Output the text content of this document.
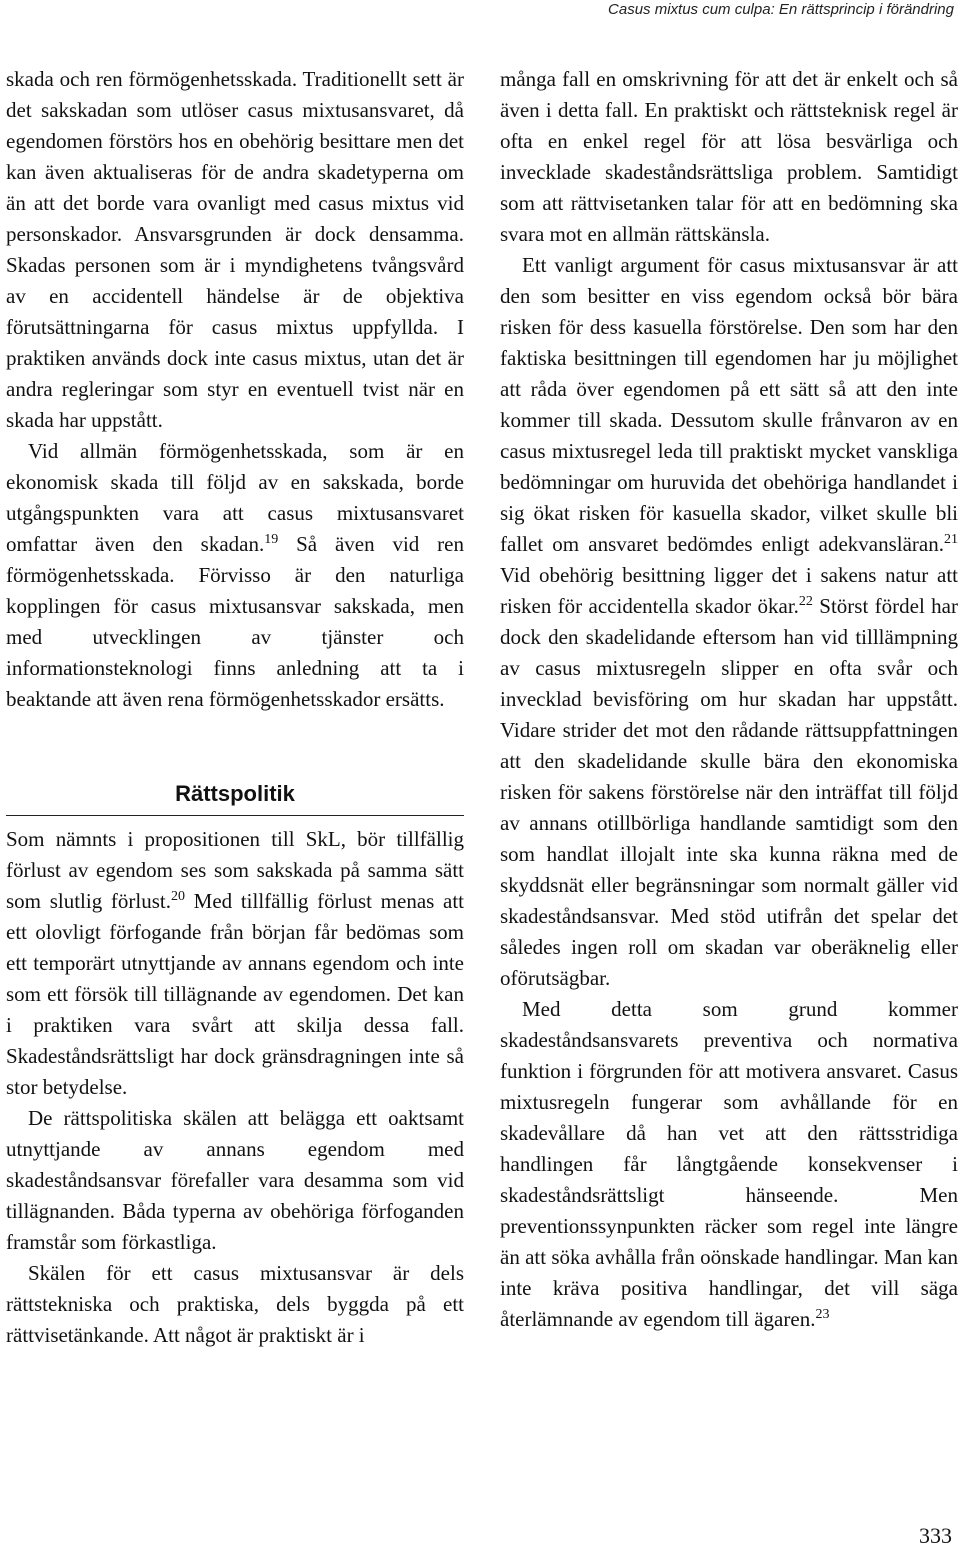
Casus mixtus cum culpa: En rättsprincip i förändring

skada och ren förmögenhetsskada. Traditionellt sett är det sakskadan som utlöser casus mixtusansvaret, då egendomen förstörs hos en obehörig besittare men det kan även aktualiseras för de andra skadetyperna om än att det borde vara ovanligt med casus mixtus vid personskador. Ansvarsgrunden är dock densamma. Skadas personen som är i myndighetens tvångsvård av en accidentell händelse är de objektiva förutsättningarna för casus mixtus uppfyllda. I praktiken används dock inte casus mixtus, utan det är andra regleringar som styr en eventuell tvist när en skada har uppstått.

Vid allmän förmögenhetsskada, som är en ekonomisk skada till följd av en sakskada, borde utgångspunkten vara att casus mixtusansvaret omfattar även den skadan.$^{19}$ Så även vid ren förmögenhetsskada. Förvisso är den naturliga kopplingen för casus mixtusansvar sakskada, men med utvecklingen av tjänster och informationsteknologi finns anledning att ta i beaktande att även rena förmögenhetsskador ersätts.

Rättspolitik

Som nämnts i propositionen till SkL, bör tillfällig förlust av egendom ses som sakskada på samma sätt som slutlig förlust.$^{20}$ Med tillfällig förlust menas att ett olovligt förfogande från början får bedömas som ett temporärt utnyttjande av annans egendom och inte som ett försök till tillägnande av egendomen. Det kan i praktiken vara svårt att skilja dessa fall. Skadeståndsrättsligt har dock gränsdragningen inte så stor betydelse.

De rättspolitiska skälen att belägga ett oaktsamt utnyttjande av annans egendom med skadeståndsansvar förefaller vara desamma som vid tillägnanden. Båda typerna av obehöriga förfoganden framstår som förkastliga.

Skälen för ett casus mixtusansvar är dels rättstekniska och praktiska, dels byggda på ett rättvisetänkande. Att något är praktiskt är i

många fall en omskrivning för att det är enkelt och så även i detta fall. En praktiskt och rättsteknisk regel är ofta en enkel regel för att lösa besvärliga och invecklade skadeståndsrättsliga problem. Samtidigt som att rättvisetanken talar för att en bedömning ska svara mot en allmän rättskänsla.

Ett vanligt argument för casus mixtusansvar är att den som besitter en viss egendom också bör bära risken för dess kasuella förstörelse. Den som har den faktiska besittningen till egendomen har ju möjlighet att råda över egendomen på ett sätt så att den inte kommer till skada. Dessutom skulle frånvaron av en casus mixtusregel leda till praktiskt mycket vanskliga bedömningar om huruvida det obehöriga handlandet i sig ökat risken för kasuella skador, vilket skulle bli fallet om ansvaret bedömdes enligt adekvansläran.$^{21}$ Vid obehörig besittning ligger det i sakens natur att risken för accidentella skador ökar.$^{22}$ Störst fördel har dock den skadelidande eftersom han vid tilllämpning av casus mixtusregeln slipper en ofta svår och invecklad bevisföring om hur skadan har uppstått. Vidare strider det mot den rådande rättsuppfattningen att den skadelidande skulle bära den ekonomiska risken för sakens förstörelse när den inträffat till följd av annans otillbörliga handlande samtidigt som den som handlat illojalt inte ska kunna räkna med de skyddsnät eller begränsningar som normalt gäller vid skadeståndsansvar. Med stöd utifrån det spelar det således ingen roll om skadan var oberäknelig eller oförutsägbar.

Med detta som grund kommer skadeståndsansvarets preventiva och normativa funktion i förgrunden för att motivera ansvaret. Casus mixtusregeln fungerar som avhållande för en skadevållare då han vet att den rättsstridiga handlingen får långtgående konsekvenser i skadeståndsrättsligt hänseende. Men preventionssynpunkten räcker som regel inte längre än att söka avhålla från oönskade handlingar. Man kan inte kräva positiva handlingar, det vill säga återlämnande av egendom till ägaren.$^{23}$

333
